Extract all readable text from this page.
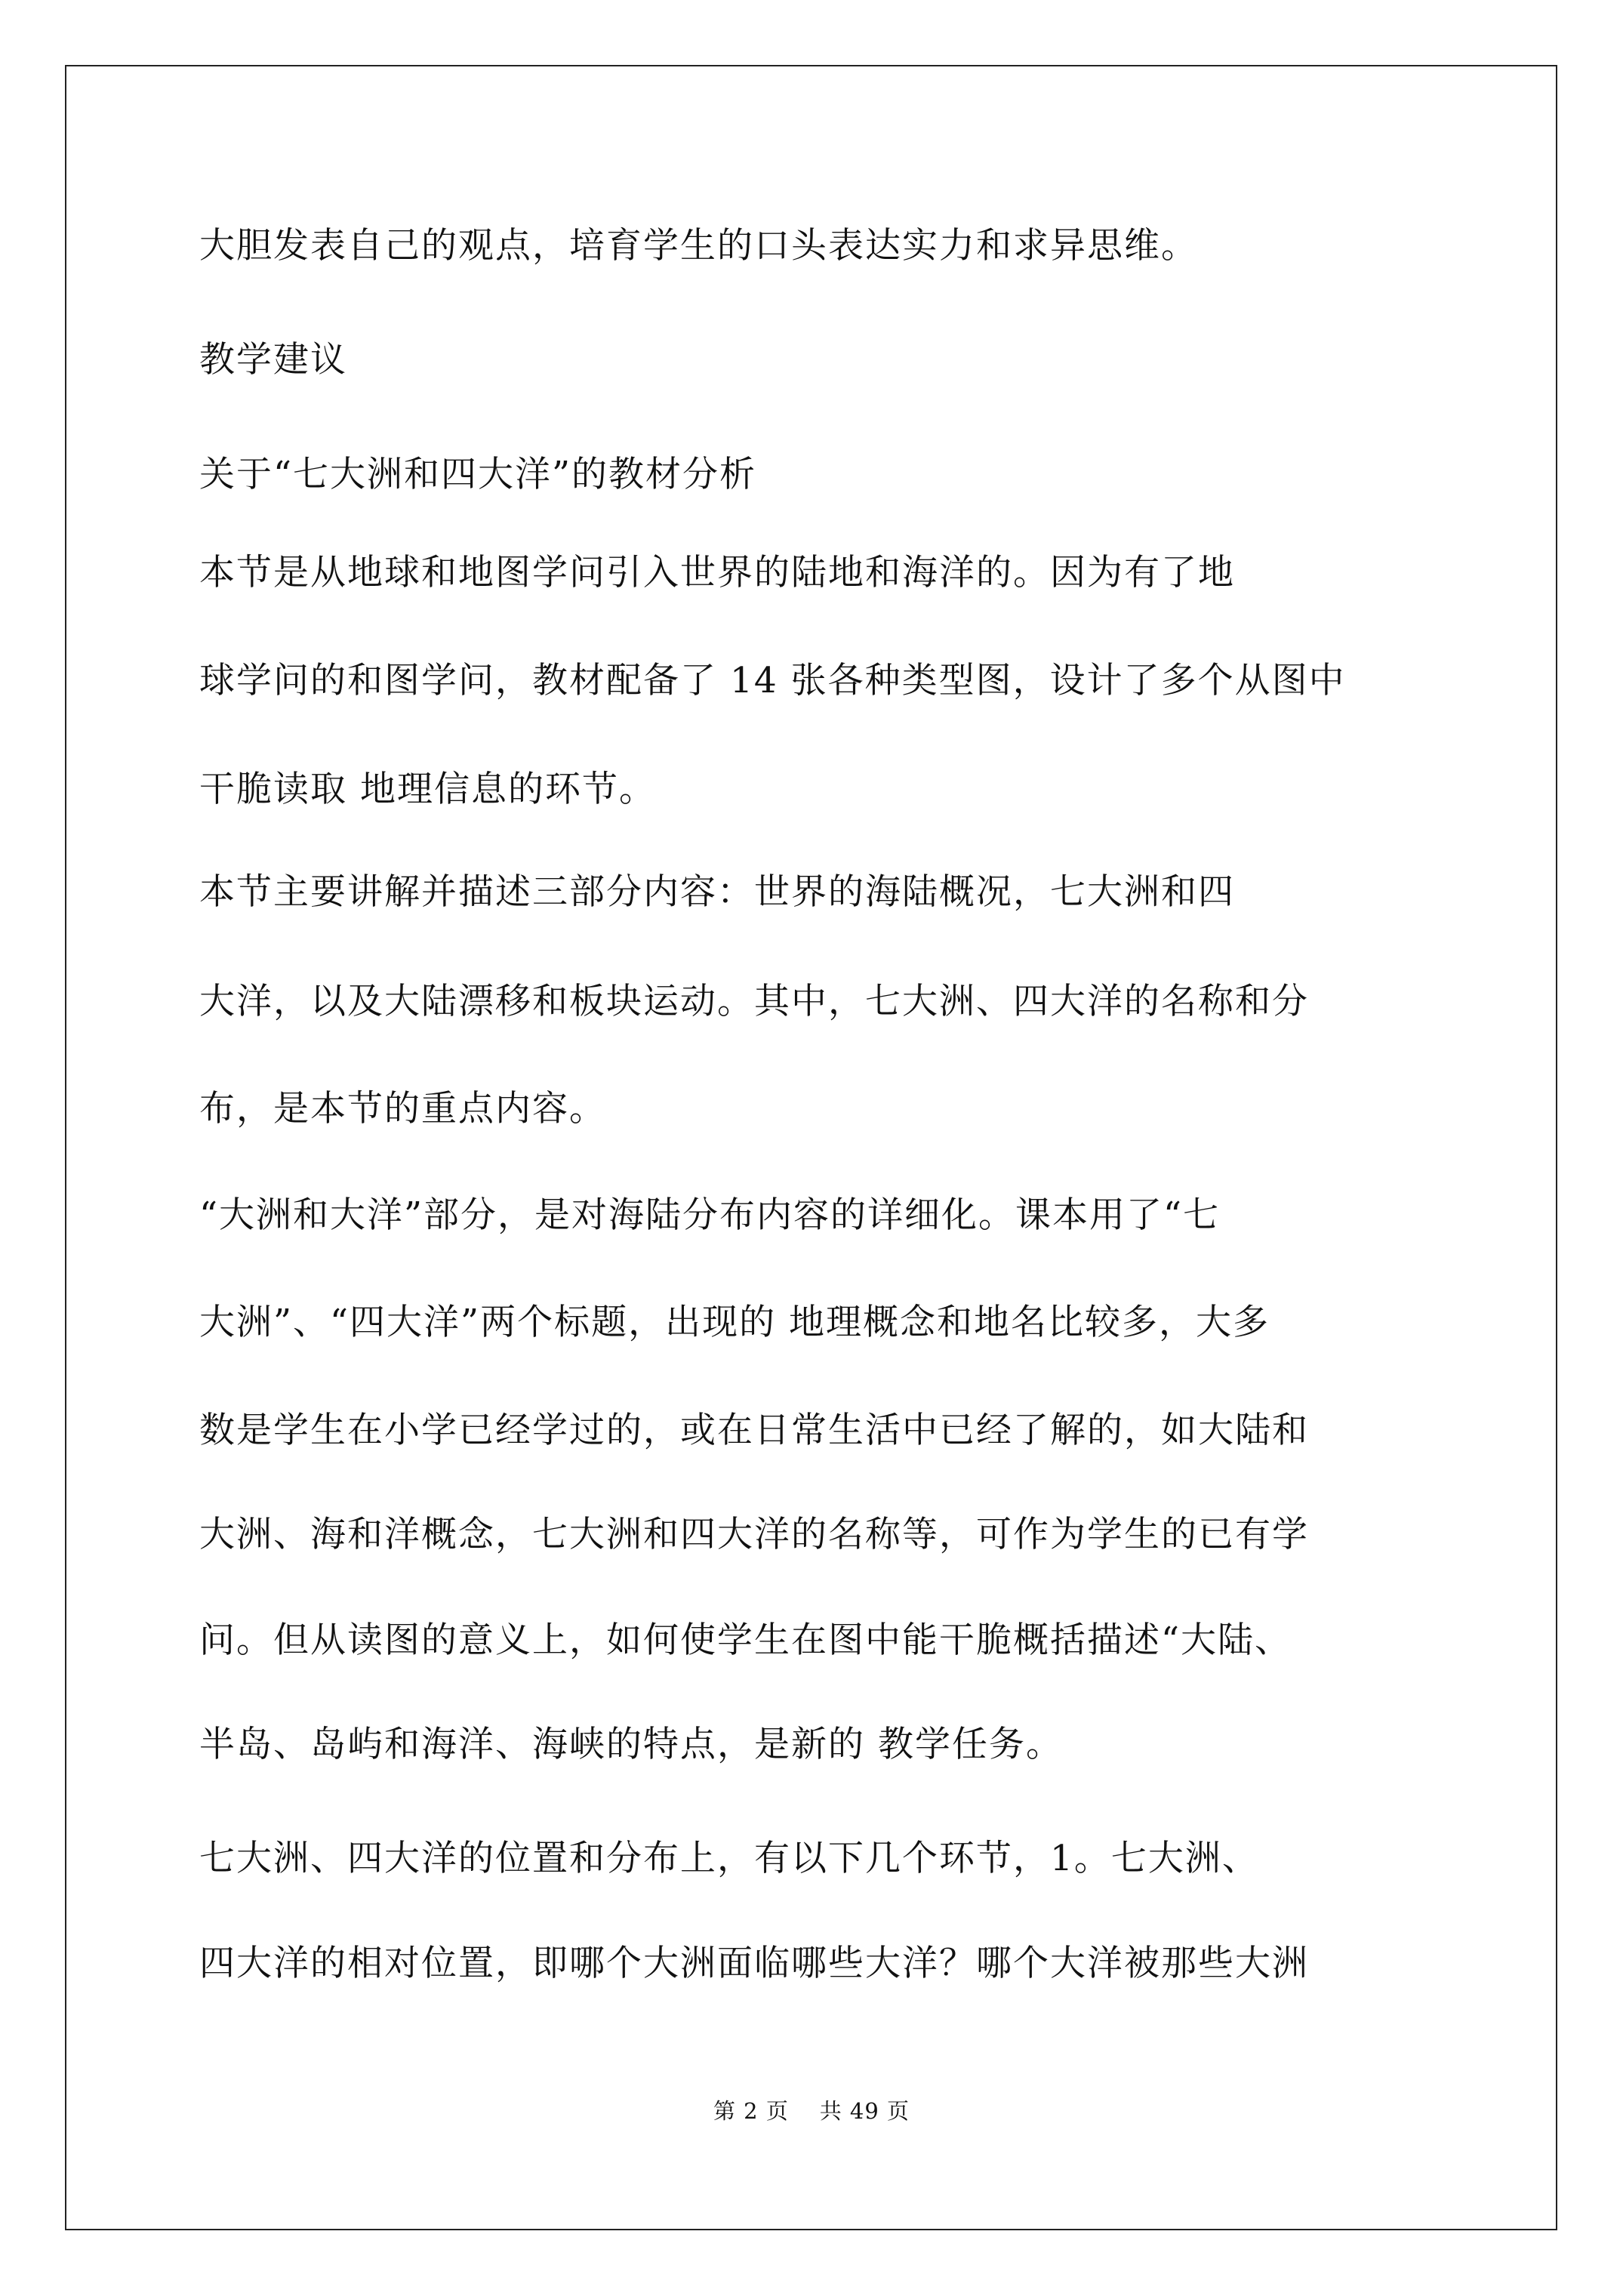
大胆发表自己的观点，培育学生的口头表达实力和求异思维。

教学建议

关于“七大洲和四大洋”的教材分析

本节是从地球和地图学问引入世界的陆地和海洋的。因为有了地

球学问的和图学问，教材配备了 14 张各种类型图，设计了多个从图中

干脆读取 地理信息的环节。

本节主要讲解并描述三部分内容：世界的海陆概况，七大洲和四

大洋，以及大陆漂移和板块运动。其中，七大洲、四大洋的名称和分

布，是本节的重点内容。

“大洲和大洋”部分，是对海陆分布内容的详细化。课本用了“七

大洲”、“四大洋”两个标题，出现的 地理概念和地名比较多，大多

数是学生在小学已经学过的，或在日常生活中已经了解的，如大陆和

大洲、海和洋概念，七大洲和四大洋的名称等，可作为学生的已有学

问。但从读图的意义上，如何使学生在图中能干脆概括描述“大陆、

半岛、岛屿和海洋、海峡的特点，是新的 教学任务。

七大洲、四大洋的位置和分布上，有以下几个环节，1。七大洲、

四大洋的相对位置，即哪个大洲面临哪些大洋？哪个大洋被那些大洲

第 2 页    共 49 页
